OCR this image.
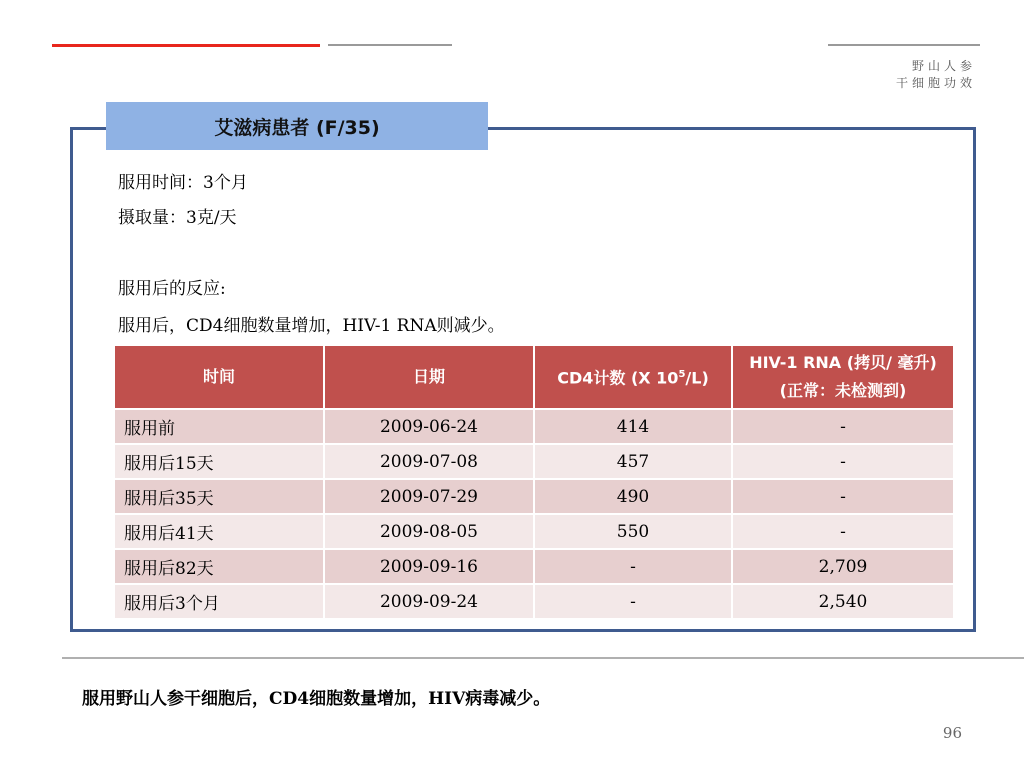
野山人参
干细胞功效
艾滋病患者 (F/35)
服用时间：3个月
摄取量：3克/天
服用后的反应:
服用后，CD4细胞数量增加，HIV-1 RNA则减少。
时间	日期	CD4计数 (X $10^5/L$)	HIV-1 RNA (拷贝/ 毫升)
(正常：未检测到)

服用前	2009-06-24	414	-
服用后15天	2009-07-08	457	-
服用后35天	2009-07-29	490	-
服用后41天	2009-08-05	550	-
服用后82天	2009-09-16	-	2,709
服用后3个月	2009-09-24	-	2,540
服用野山人参干细胞后，CD4细胞数量增加，HIV病毒减少。
96
